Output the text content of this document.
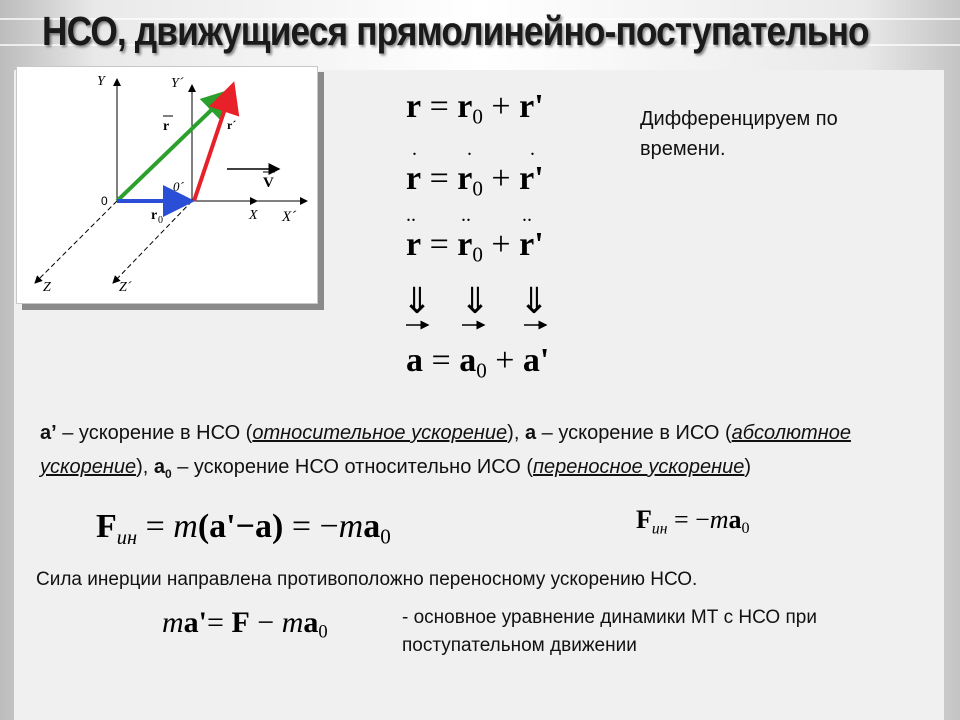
НСО, движущиеся прямолинейно-поступательно
Y	Y´
X X´
Z	Z´
0
0´
r	r´
r 0
V
$r = r_0 + r'$
.	.	.
$r = r_0 + r'$
.. ..	..
$r = r_0 + r'$
⇓ ⇓ ⇓
$a = a_0 + a'$
Дифференцируем по времени.
a’ – ускорение в НСО (относительное ускорение), a – ускорение в ИСО (абсолютное ускорение), $a_0$ – ускорение НСО относительно ИСО (переносное ускорение)
$F_{ин} = m(a'-a) = -ma_0$
$F_{ин} = -ma_0$
Сила инерции направлена противоположно переносному ускорению НСО.
$ma'= F - ma_0$
- основное уравнение динамики МТ с НСО при поступательном движении
